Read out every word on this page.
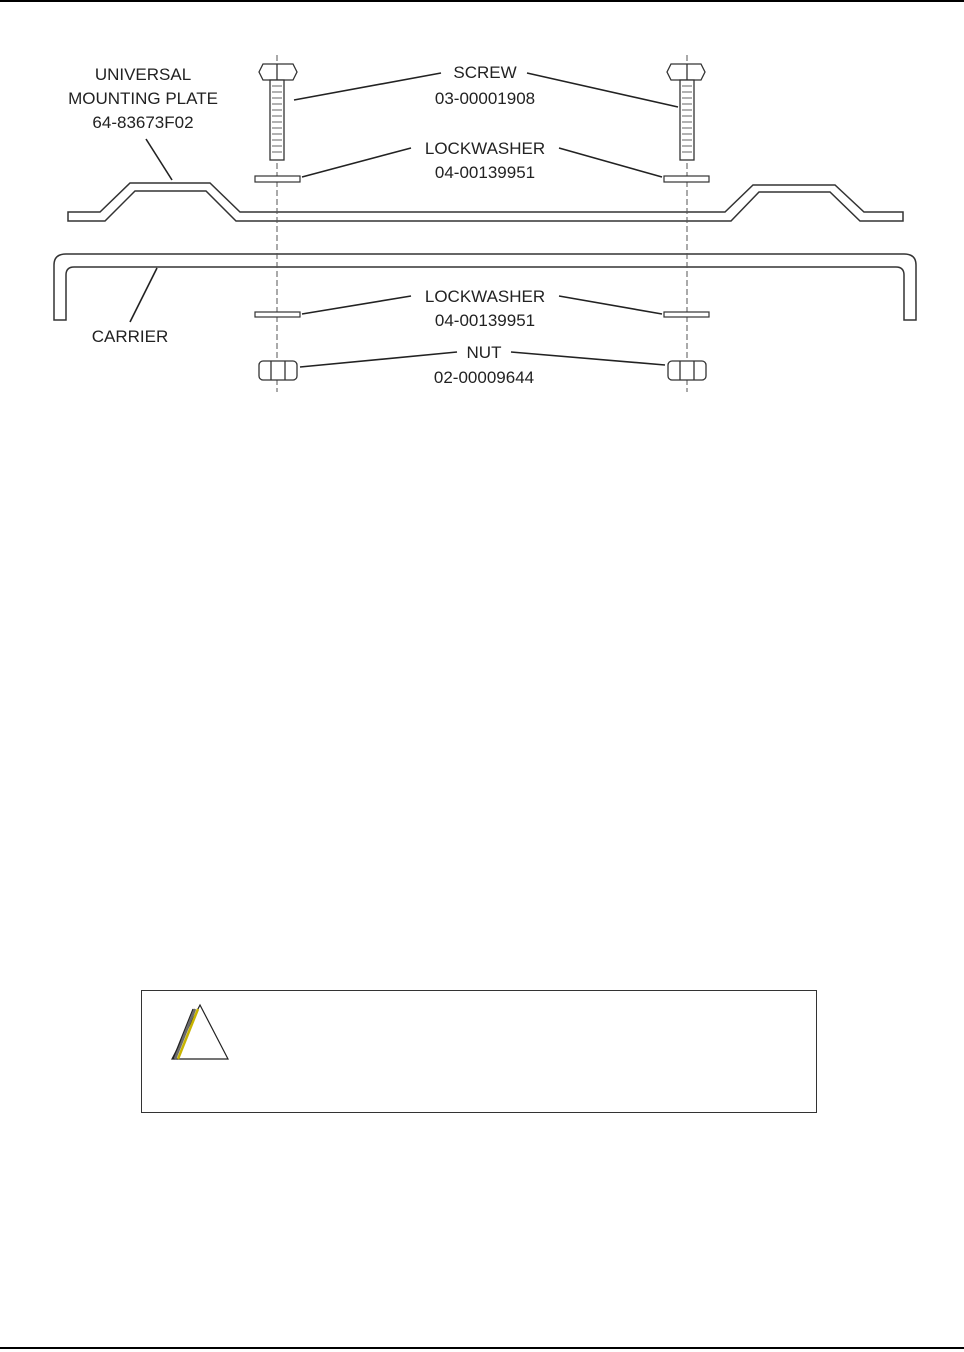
UNIVERSAL
MOUNTING PLATE
64-83673F02
SCREW
03-00001908
LOCKWASHER
04-00139951
LOCKWASHER
04-00139951
NUT
02-00009644
CARRIER
